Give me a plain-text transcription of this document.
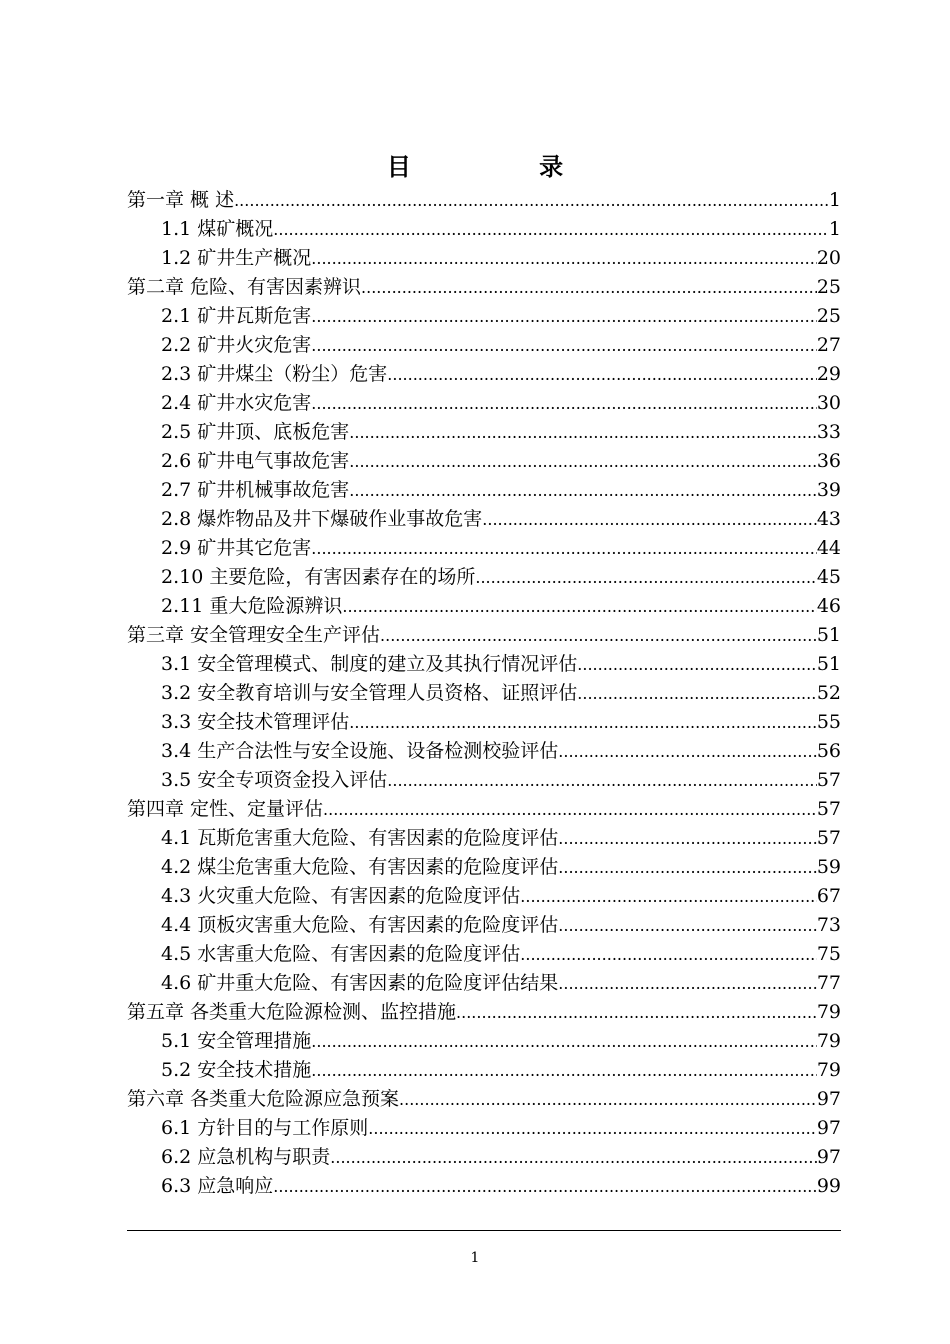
目 录
第一章 概 述 .....	1
1.1 煤矿概况 .....	1
1.2 矿井生产概况 .....	20
第二章 危险、有害因素辨识 .....	25
2.1 矿井瓦斯危害 .....	25
2.2 矿井火灾危害 .....	27
2.3 矿井煤尘（粉尘）危害 .....	29
2.4 矿井水灾危害 .....	30
2.5 矿井顶、底板危害 .....	33
2.6 矿井电气事故危害 .....	36
2.7 矿井机械事故危害 .....	39
2.8 爆炸物品及井下爆破作业事故危害 .....	43
2.9 矿井其它危害 .....	44
2.10 主要危险，有害因素存在的场所 .....	45
2.11 重大危险源辨识 .....	46
第三章 安全管理安全生产评估 .....	51
3.1 安全管理模式、制度的建立及其执行情况评估 .....	51
3.2 安全教育培训与安全管理人员资格、证照评估 .....	52
3.3 安全技术管理评估 .....	55
3.4 生产合法性与安全设施、设备检测校验评估 .....	56
3.5 安全专项资金投入评估 .....	57
第四章 定性、定量评估 .....	57
4.1 瓦斯危害重大危险、有害因素的危险度评估 .....	57
4.2 煤尘危害重大危险、有害因素的危险度评估 .....	59
4.3 火灾重大危险、有害因素的危险度评估 .....	67
4.4 顶板灾害重大危险、有害因素的危险度评估 .....	73
4.5 水害重大危险、有害因素的危险度评估 .....	75
4.6 矿井重大危险、有害因素的危险度评估结果 .....	77
第五章 各类重大危险源检测、监控措施 .....	79
5.1 安全管理措施 .....	79
5.2 安全技术措施 .....	79
第六章 各类重大危险源应急预案 .....	97
6.1 方针目的与工作原则 .....	97
6.2 应急机构与职责 .....	97
6.3 应急响应 .....	99
1
